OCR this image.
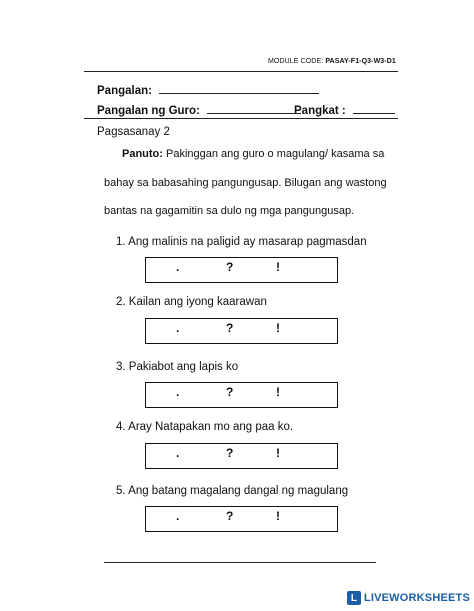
MODULE CODE: PASAY-F1-Q3-W3-D1
Pangalan:
Pangalan ng Guro:	Pangkat :
Pagsasanay 2
Panuto: Pakinggan ang guro o magulang/ kasama sa
bahay sa babasahing pangungusap. Bilugan ang wastong
bantas na gagamitin sa dulo ng mga pangungusap.
1. Ang malinis na paligid ay masarap pagmasdan
.	?	!
2. Kailan ang iyong kaarawan
.	?	!
3. Pakiabot ang lapis ko
.	?	!
4. Aray Natapakan mo ang paa ko.
.	?	!
5. Ang batang magalang dangal ng magulang
.	?	!
L LIVEWORKSHEETS
